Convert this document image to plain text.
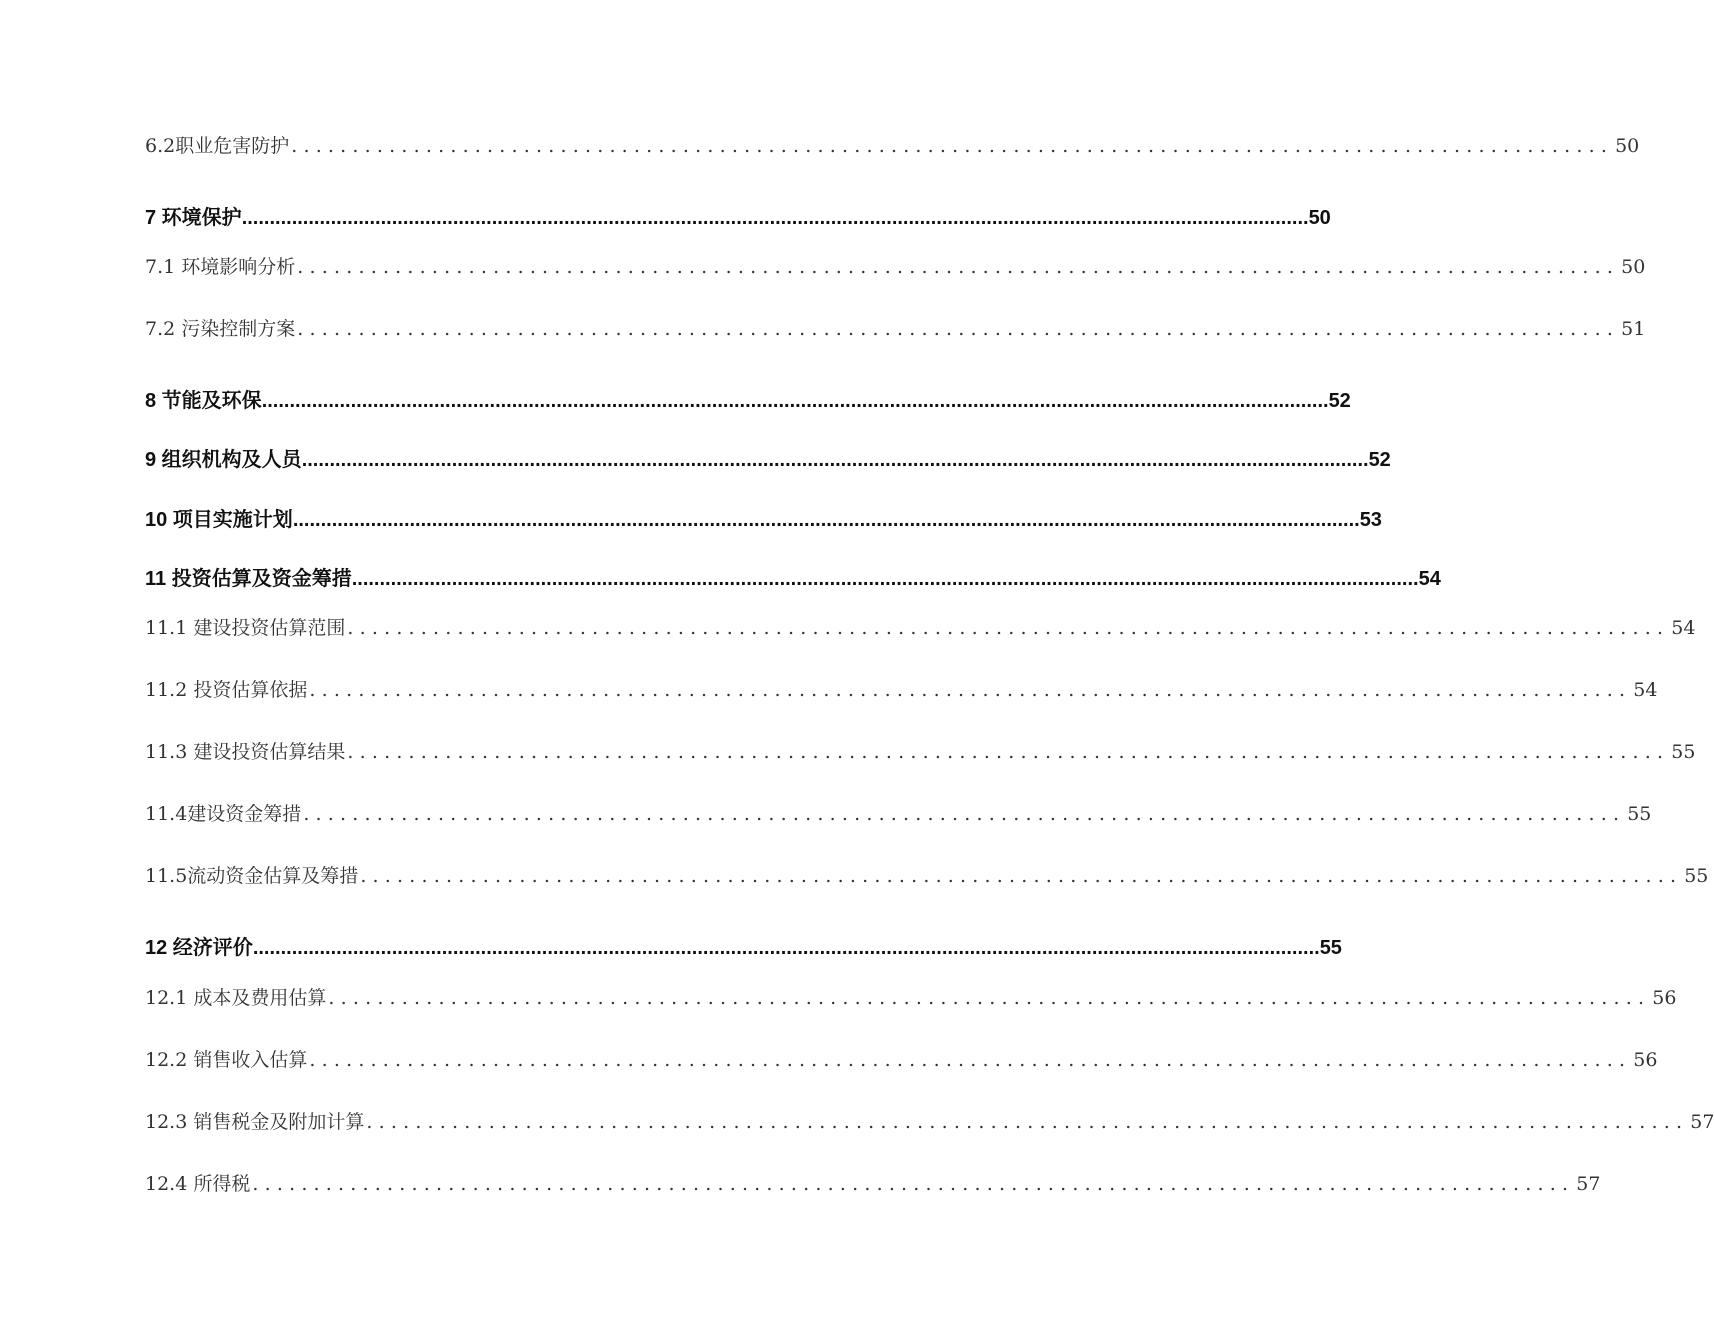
6.2职业危害防护 ............................................................................................................ 50
7 环境保护 ................................................................................................................................................................................................ 50
7.1 环境影响分析 ............................................................................................................ 50
7.2 污染控制方案 ............................................................................................................ 51
8 节能及环保 ................................................................................................................................................................................................ 52
9 组织机构及人员 ................................................................................................................................................................................................ 52
10 项目实施计划 ................................................................................................................................................................................................ 53
11 投资估算及资金筹措 ................................................................................................................................................................................................ 54
11.1 建设投资估算范围 ............................................................................................................ 54
11.2 投资估算依据 ............................................................................................................ 54
11.3 建设投资估算结果 ............................................................................................................ 55
11.4建设资金筹措 ............................................................................................................ 55
11.5流动资金估算及筹措 ............................................................................................................ 55
12 经济评价 ................................................................................................................................................................................................ 55
12.1 成本及费用估算 ............................................................................................................ 56
12.2 销售收入估算 ............................................................................................................ 56
12.3 销售税金及附加计算 ............................................................................................................ 57
12.4 所得税 ............................................................................................................ 57
